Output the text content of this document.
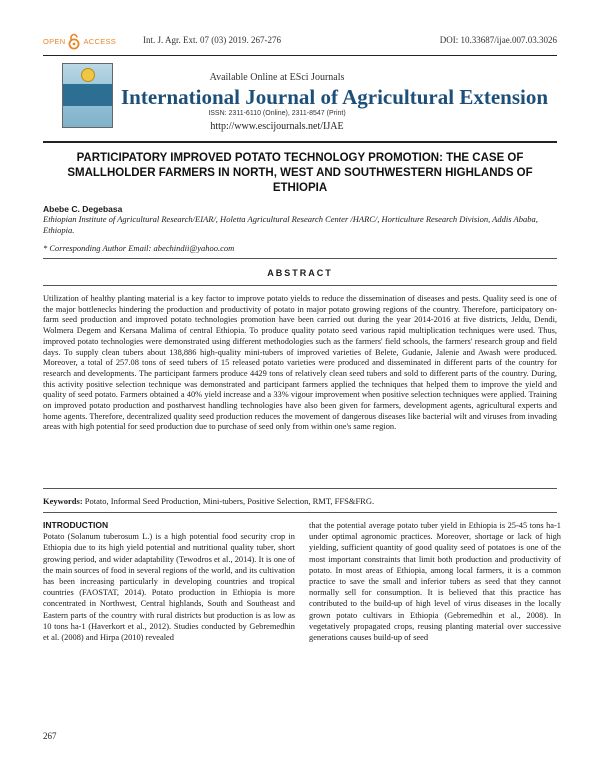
OPEN ACCESS	Int. J. Agr. Ext. 07 (03) 2019. 267-276	DOI: 10.33687/ijae.007.03.3026
Available Online at ESci Journals
International Journal of Agricultural Extension
ISSN: 2311-6110 (Online), 2311-8547 (Print)
http://www.escijournals.net/IJAE
PARTICIPATORY IMPROVED POTATO TECHNOLOGY PROMOTION: THE CASE OF SMALLHOLDER FARMERS IN NORTH, WEST AND SOUTHWESTERN HIGHLANDS OF ETHIOPIA
Abebe C. Degebasa
Ethiopian Institute of Agricultural Research/EIAR/, Holetta Agricultural Research Center /HARC/, Horticulture Research Division, Addis Ababa, Ethiopia.
* Corresponding Author Email: abechindii@yahoo.com
ABSTRACT
Utilization of healthy planting material is a key factor to improve potato yields to reduce the dissemination of diseases and pests. Quality seed is one of the major bottlenecks hindering the production and productivity of potato in major potato growing regions of the country. Therefore, participatory on-farm seed production and improved potato technologies promotion have been carried out during the year 2014-2016 at five districts, Jeldu, Dendi, Wolmera Degem and Kersana Malima of central Ethiopia. To produce quality potato seed various rapid multiplication techniques were used. Thus, improved potato technologies were demonstrated using different methodologies such as the farmers' field schools, the farmers' research group and field days. To supply clean tubers about 138,886 high-quality mini-tubers of improved varieties of Belete, Gudanie, Jalenie and Awash were produced. Moreover, a total of 257.08 tons of seed tubers of 15 released potato varieties were produced and disseminated in different parts of the country for research and developments. The participant farmers produce 4429 tons of relatively clean seed tubers and sold to different parts of the country. During, this activity positive selection technique was demonstrated and participant farmers applied the techniques that helped them to improve the yield and quality of seed potato. Farmers obtained a 40% yield increase and a 33% vigour improvement when positive selection techniques were applied. Training on improved potato production and postharvest handling technologies have also been given for farmers, development agents, agricultural experts and home agents. Therefore, decentralized quality seed production reduces the movement of dangerous diseases like bacterial wilt and viruses from invading areas with high potential for seed production due to purchase of seed only from within one's same region.
Keywords: Potato, Informal Seed Production, Mini-tubers, Positive Selection, RMT, FFS&FRG.
INTRODUCTION
Potato (Solanum tuberosum L.) is a high potential food security crop in Ethiopia due to its high yield potential and nutritional quality tuber, short growing period, and wider adaptability (Tewodros et al., 2014). It is one of the main sources of food in several regions of the world, and its cultivation has been increasing particularly in developing countries and tropical countries (FAOSTAT, 2014). Potato production in Ethiopia is more concentrated in Northwest, Central highlands, South and Southeast and Eastern parts of the country with rural districts but production is as low as 10 tons ha-1 (Haverkort et al., 2012). Studies conducted by Gebremedhin et al. (2008) and Hirpa (2010) revealed
that the potential average potato tuber yield in Ethiopia is 25-45 tons ha-1 under optimal agronomic practices. Moreover, shortage or lack of high yielding, sufficient quantity of good quality seed of potatoes is one of the most important constraints that limit both production and productivity of potato. In most areas of Ethiopia, among local farmers, it is a common practice to save the small and inferior tubers as seed that they cannot normally sell for consumption. It is believed that this practice has contributed to the build-up of high level of virus diseases in the locally grown potato cultivars in Ethiopia (Gebremedhin et al., 2008). In vegetatively propagated crops, reusing planting material over successive generations causes build-up of seed
267
